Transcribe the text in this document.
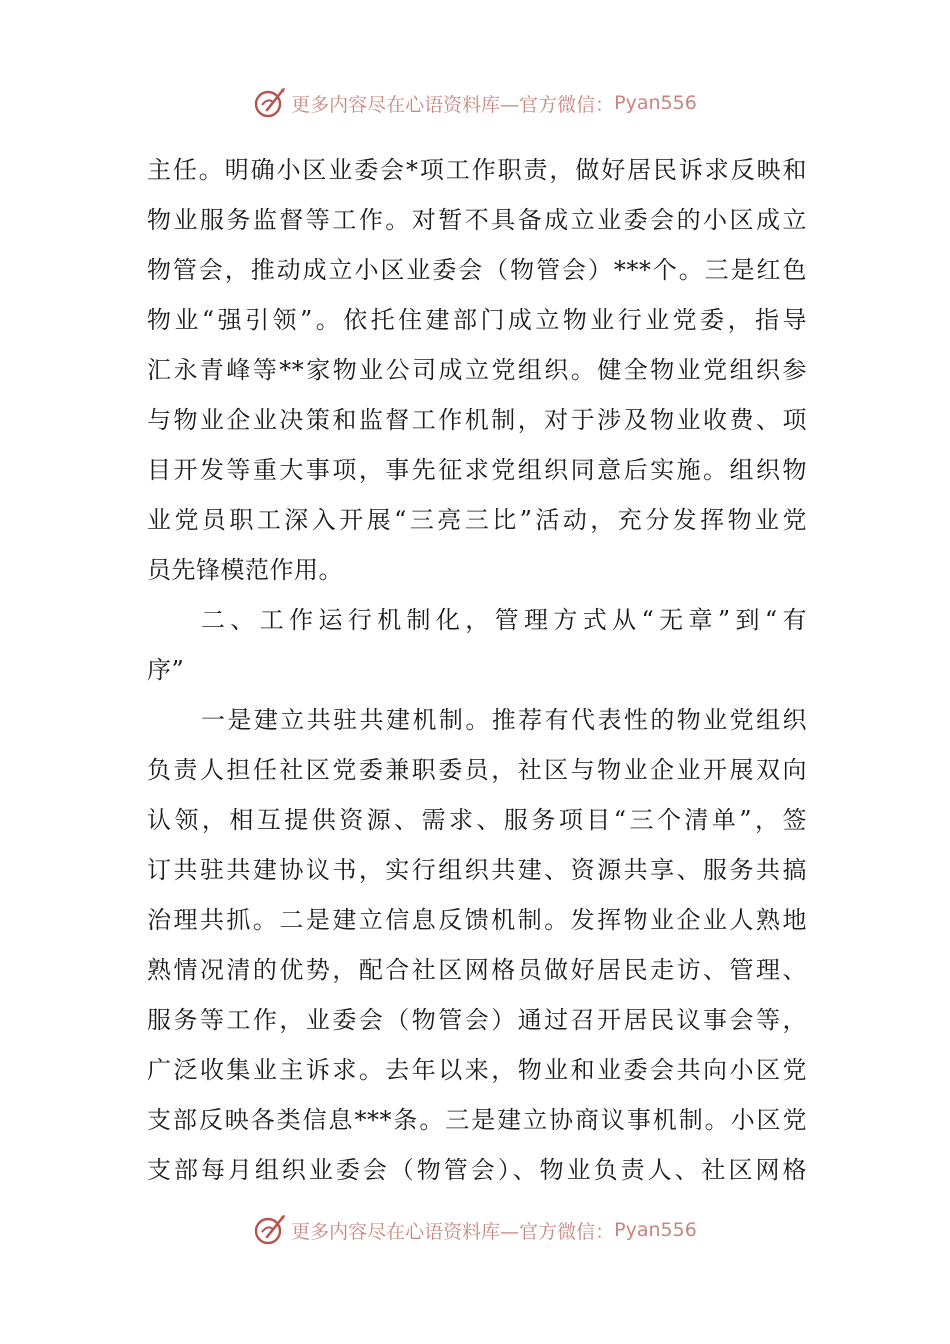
更多内容尽在心语资料库—官方微信： Pyan556
主任。明确小区业委会*项工作职责，做好居民诉求反映和
物业服务监督等工作。对暂不具备成立业委会的小区成立
物管会，推动成立小区业委会（物管会）***个。三是红色
物业“强引领”。依托住建部门成立物业行业党委，指导
汇永青峰等**家物业公司成立党组织。健全物业党组织参
与物业企业决策和监督工作机制，对于涉及物业收费、项
目开发等重大事项，事先征求党组织同意后实施。组织物
业党员职工深入开展“三亮三比”活动，充分发挥物业党
员先锋模范作用。
二、工作运行机制化，管理方式从“无章”到“有
序”
一是建立共驻共建机制。推荐有代表性的物业党组织
负责人担任社区党委兼职委员，社区与物业企业开展双向
认领，相互提供资源、需求、服务项目“三个清单”，签
订共驻共建协议书，实行组织共建、资源共享、服务共搞
治理共抓。二是建立信息反馈机制。发挥物业企业人熟地
熟情况清的优势，配合社区网格员做好居民走访、管理、
服务等工作，业委会（物管会）通过召开居民议事会等，
广泛收集业主诉求。去年以来，物业和业委会共向小区党
支部反映各类信息***条。三是建立协商议事机制。小区党
支部每月组织业委会（物管会）、物业负责人、社区网格
更多内容尽在心语资料库—官方微信： Pyan556
